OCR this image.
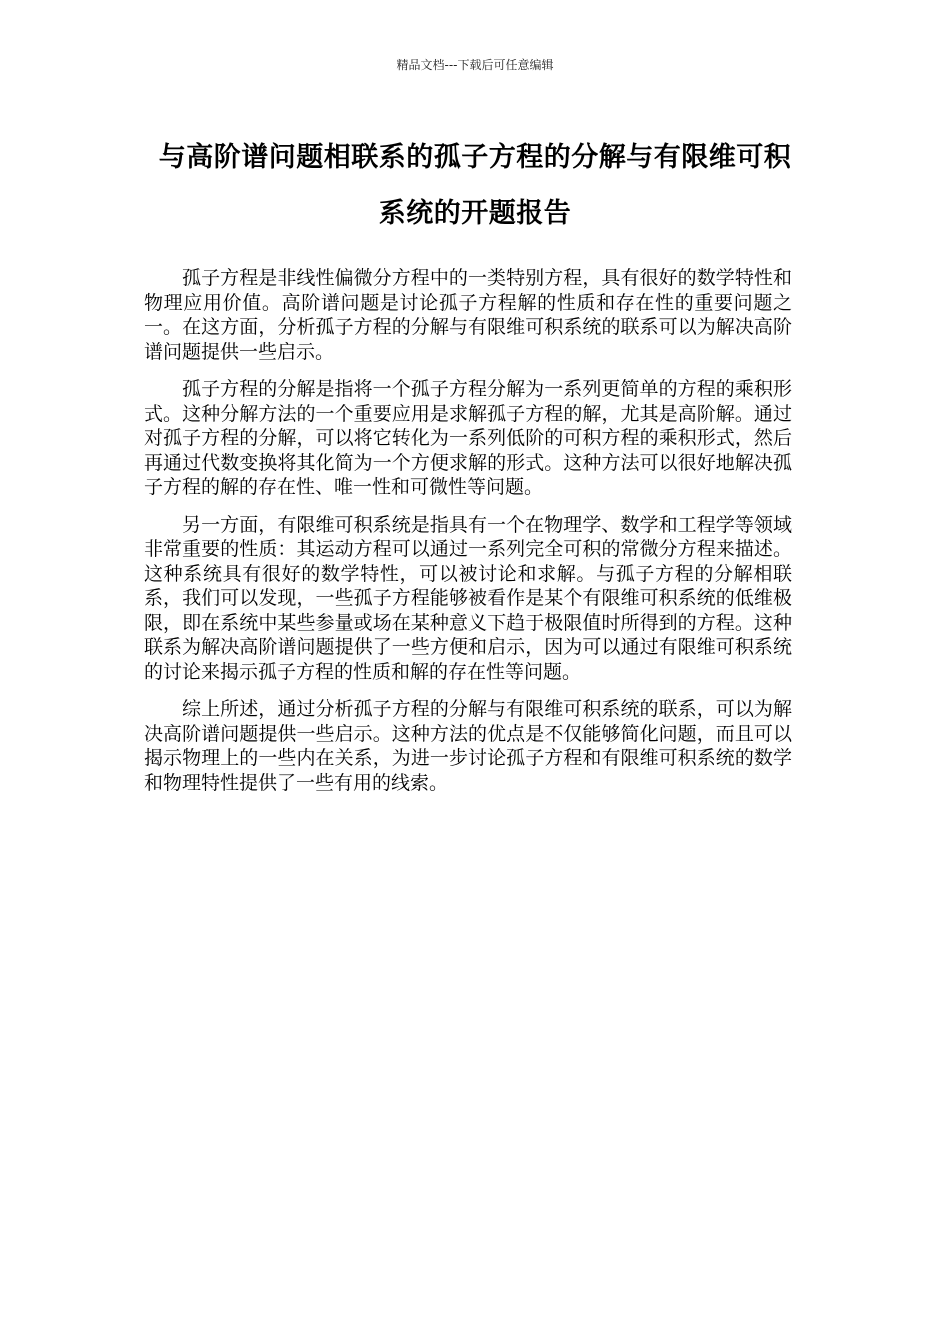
精品文档---下载后可任意编辑
与高阶谱问题相联系的孤子方程的分解与有限维可积
系统的开题报告

孤子方程是非线性偏微分方程中的一类特别方程，具有很好的数学特性和物理应用价值。高阶谱问题是讨论孤子方程解的性质和存在性的重要问题之一。在这方面，分析孤子方程的分解与有限维可积系统的联系可以为解决高阶谱问题提供一些启示。

孤子方程的分解是指将一个孤子方程分解为一系列更简单的方程的乘积形式。这种分解方法的一个重要应用是求解孤子方程的解，尤其是高阶解。通过对孤子方程的分解，可以将它转化为一系列低阶的可积方程的乘积形式，然后再通过代数变换将其化简为一个方便求解的形式。这种方法可以很好地解决孤子方程的解的存在性、唯一性和可微性等问题。

另一方面，有限维可积系统是指具有一个在物理学、数学和工程学等领域非常重要的性质：其运动方程可以通过一系列完全可积的常微分方程来描述。这种系统具有很好的数学特性，可以被讨论和求解。与孤子方程的分解相联系，我们可以发现，一些孤子方程能够被看作是某个有限维可积系统的低维极限，即在系统中某些参量或场在某种意义下趋于极限值时所得到的方程。这种联系为解决高阶谱问题提供了一些方便和启示，因为可以通过有限维可积系统的讨论来揭示孤子方程的性质和解的存在性等问题。

综上所述，通过分析孤子方程的分解与有限维可积系统的联系，可以为解决高阶谱问题提供一些启示。这种方法的优点是不仅能够简化问题，而且可以揭示物理上的一些内在关系，为进一步讨论孤子方程和有限维可积系统的数学和物理特性提供了一些有用的线索。
